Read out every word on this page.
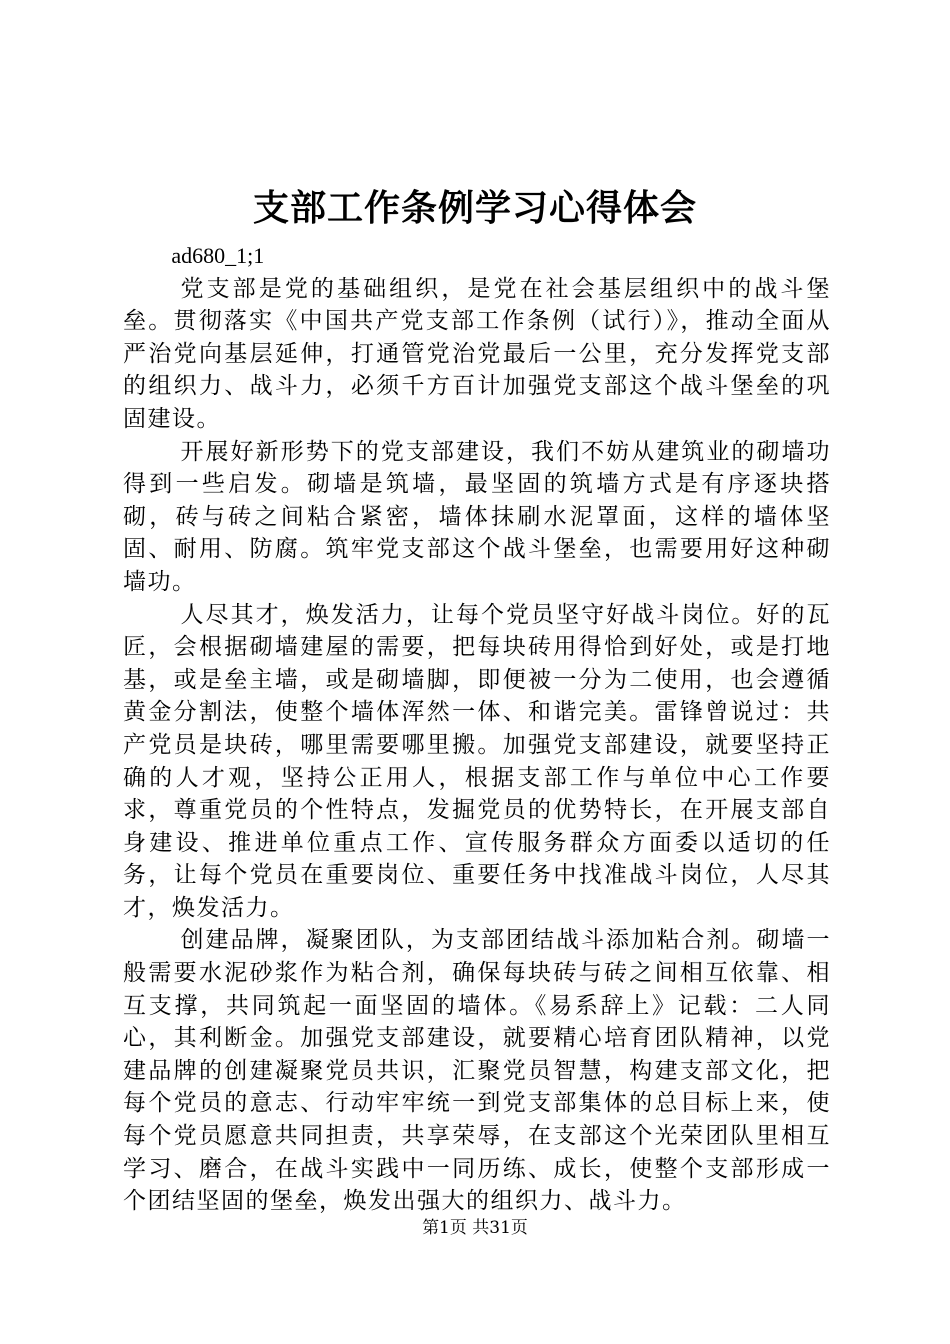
支部工作条例学习心得体会

ad680_1;1

党支部是党的基础组织，是党在社会基层组织中的战斗堡垒。贯彻落实《中国共产党支部工作条例（试行）》，推动全面从严治党向基层延伸，打通管党治党最后一公里，充分发挥党支部的组织力、战斗力，必须千方百计加强党支部这个战斗堡垒的巩固建设。

开展好新形势下的党支部建设，我们不妨从建筑业的砌墙功得到一些启发。砌墙是筑墙，最坚固的筑墙方式是有序逐块搭砌，砖与砖之间粘合紧密，墙体抹刷水泥罩面，这样的墙体坚固、耐用、防腐。筑牢党支部这个战斗堡垒，也需要用好这种砌墙功。

人尽其才，焕发活力，让每个党员坚守好战斗岗位。好的瓦匠，会根据砌墙建屋的需要，把每块砖用得恰到好处，或是打地基，或是垒主墙，或是砌墙脚，即便被一分为二使用，也会遵循黄金分割法，使整个墙体浑然一体、和谐完美。雷锋曾说过：共产党员是块砖，哪里需要哪里搬。加强党支部建设，就要坚持正确的人才观，坚持公正用人，根据支部工作与单位中心工作要求，尊重党员的个性特点，发掘党员的优势特长，在开展支部自身建设、推进单位重点工作、宣传服务群众方面委以适切的任务，让每个党员在重要岗位、重要任务中找准战斗岗位，人尽其才，焕发活力。

创建品牌，凝聚团队，为支部团结战斗添加粘合剂。砌墙一般需要水泥砂浆作为粘合剂，确保每块砖与砖之间相互依靠、相互支撑，共同筑起一面坚固的墙体。《易系辞上》记载：二人同心，其利断金。加强党支部建设，就要精心培育团队精神，以党建品牌的创建凝聚党员共识，汇聚党员智慧，构建支部文化，把每个党员的意志、行动牢牢统一到党支部集体的总目标上来，使每个党员愿意共同担责，共享荣辱，在支部这个光荣团队里相互学习、磨合，在战斗实践中一同历练、成长，使整个支部形成一个团结坚固的堡垒，焕发出强大的组织力、战斗力。

第1页 共31页
